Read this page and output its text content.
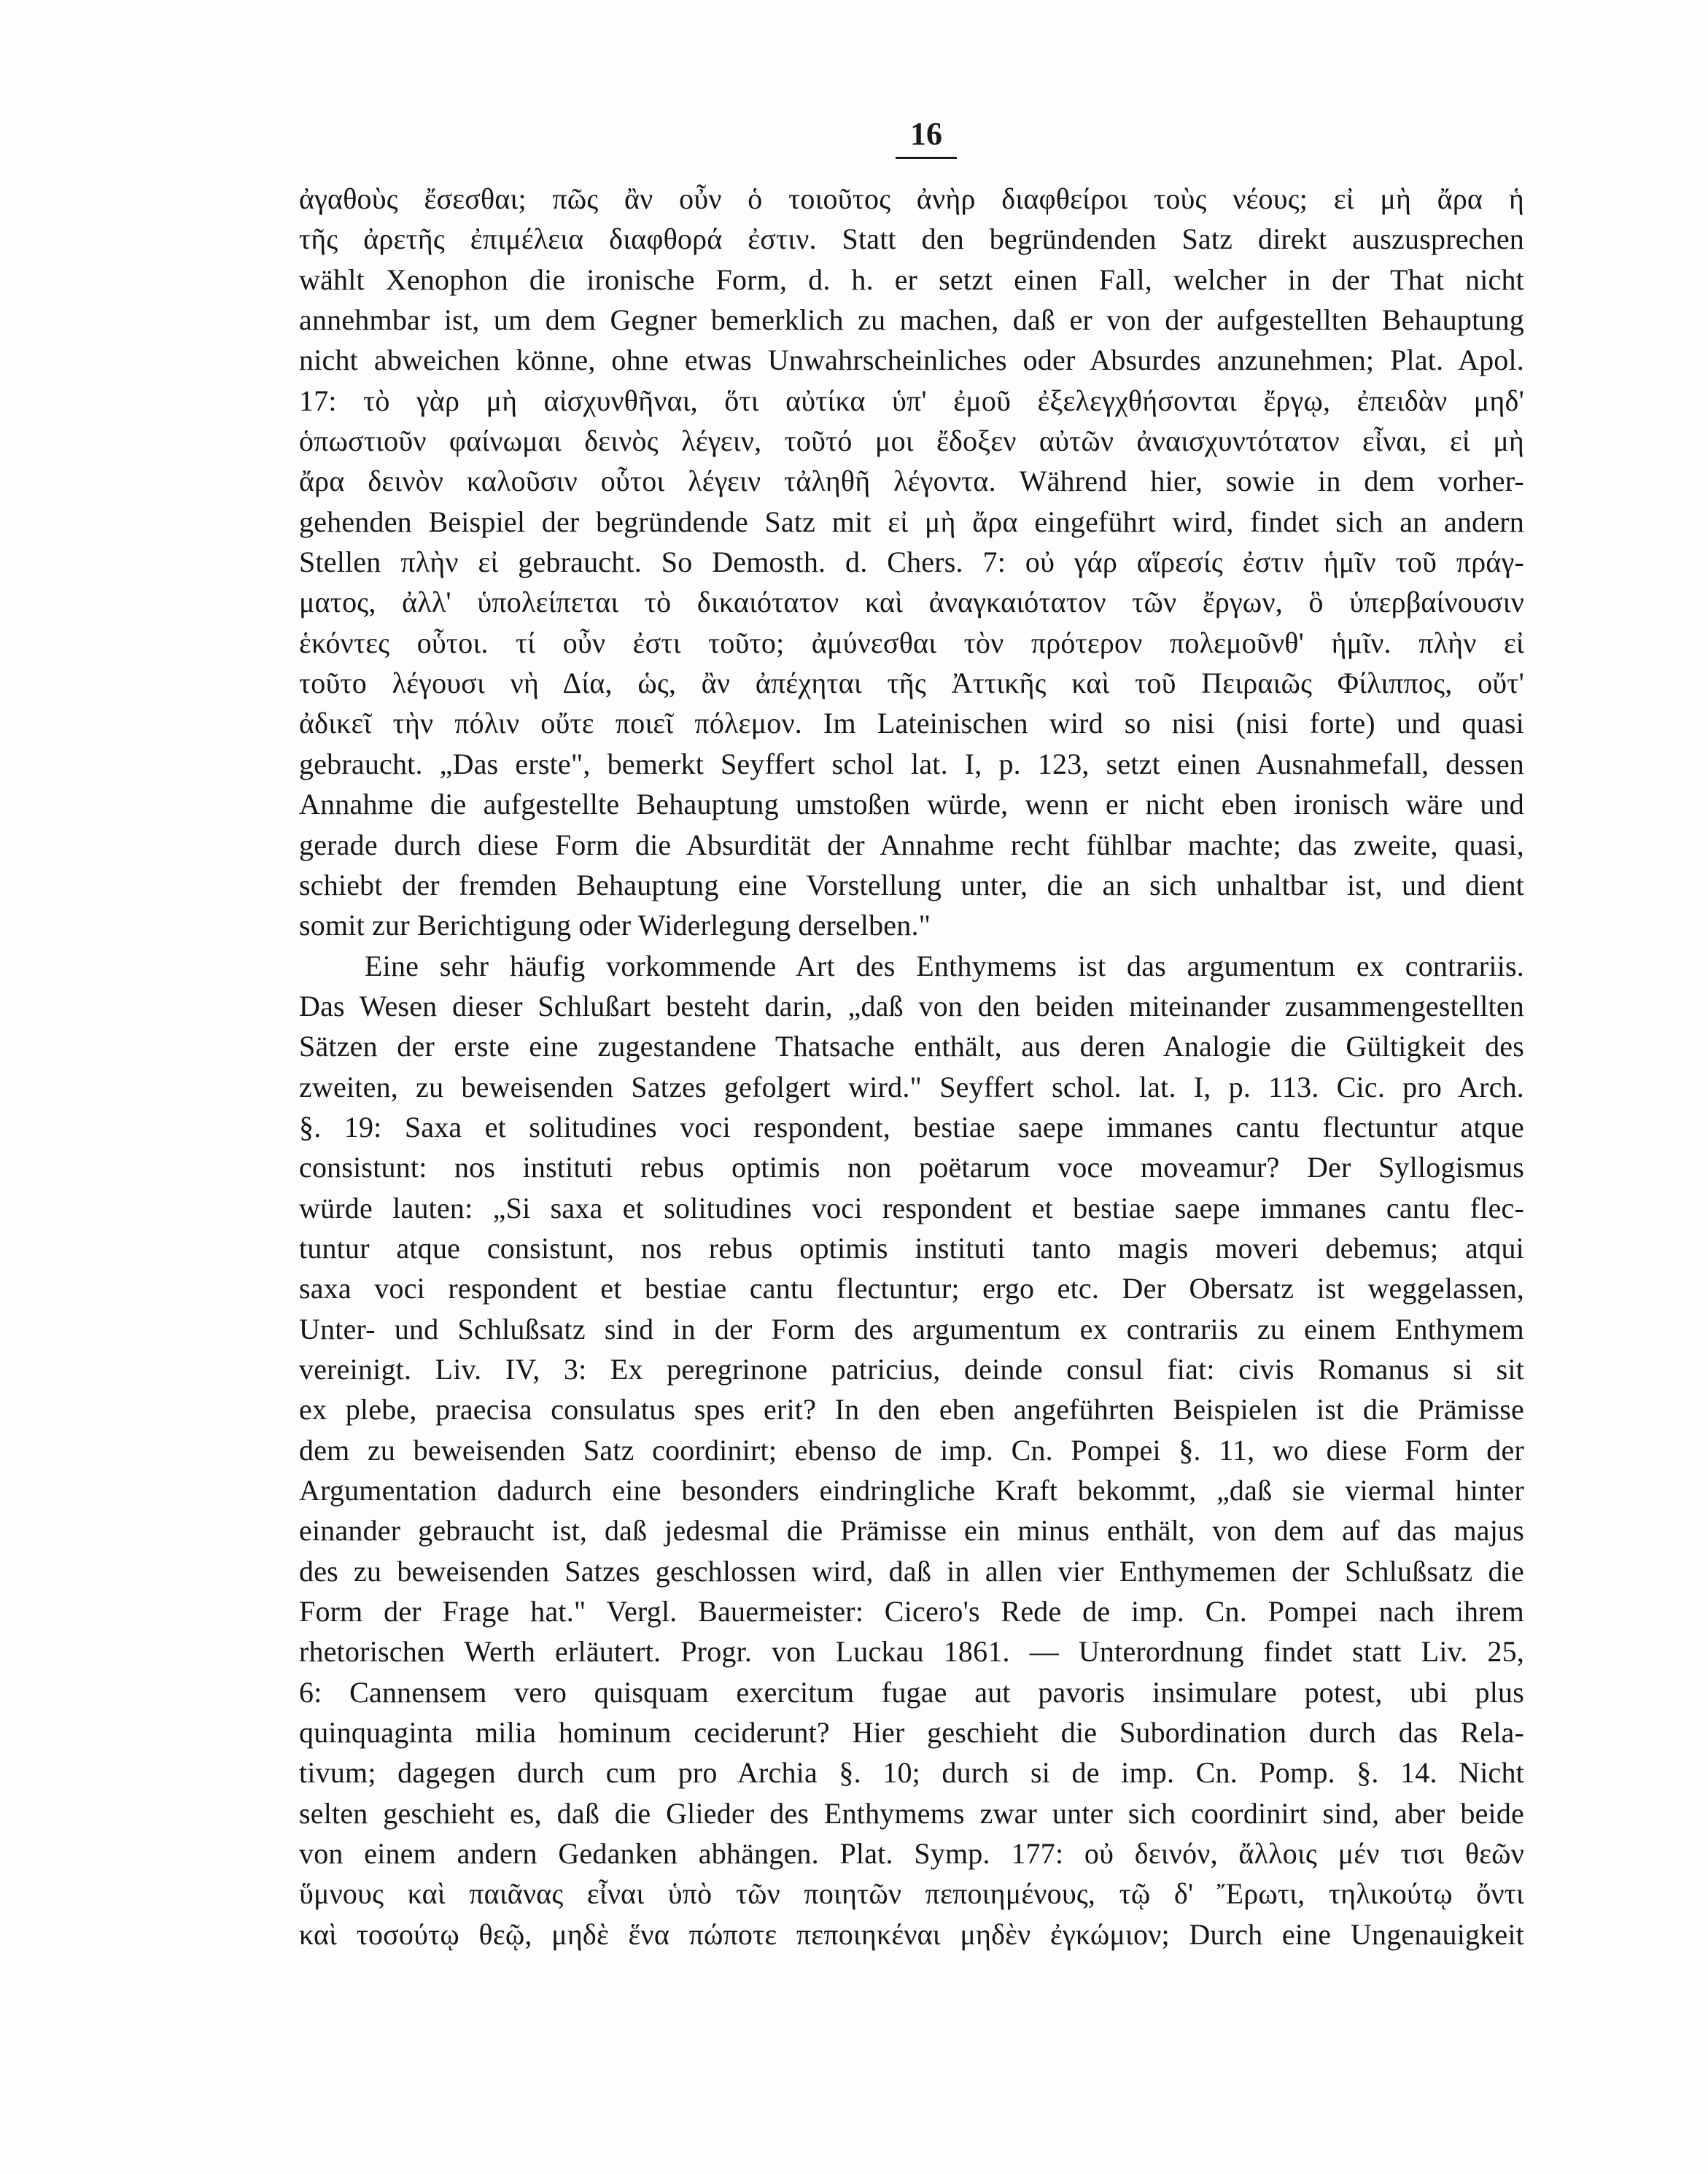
16
ἀγαθοὺς ἔσεσθαι; πῶς ἂν οὖν ὁ τοιοῦτος ἀνὴρ διαφθείροι τοὺς νέους; εἰ μὴ ἄρα ἡ
τῆς ἀρετῆς ἐπιμέλεια διαφθορά ἐστιν. Statt den begründenden Satz direkt auszusprechen
wählt Xenophon die ironische Form, d. h. er setzt einen Fall, welcher in der That nicht
annehmbar ist, um dem Gegner bemerklich zu machen, daß er von der aufgestellten Behauptung
nicht abweichen könne, ohne etwas Unwahrscheinliches oder Absurdes anzunehmen; Plat. Apol.
17: τὸ γὰρ μὴ αἰσχυνθῆναι, ὅτι αὐτίκα ὑπ' ἐμοῦ ἐξελεγχθήσονται ἔργῳ, ἐπειδὰν μηδ'
ὁπωστιοῦν φαίνωμαι δεινὸς λέγειν, τοῦτό μοι ἔδοξεν αὐτῶν ἀναισχυντότατον εἶναι, εἰ μὴ
ἄρα δεινὸν καλοῦσιν οὗτοι λέγειν τἀληθῆ λέγοντα. Während hier, sowie in dem vorher-
gehenden Beispiel der begründende Satz mit εἰ μὴ ἄρα eingeführt wird, findet sich an andern
Stellen πλὴν εἰ gebraucht. So Demosth. d. Chers. 7: οὐ γάρ αἵρεσίς ἐστιν ἡμῖν τοῦ πράγ-
ματος, ἀλλ' ὑπολείπεται τὸ δικαιότατον καὶ ἀναγκαιότατον τῶν ἔργων, ὃ ὑπερβαίνουσιν
ἑκόντες οὗτοι. τί οὖν ἐστι τοῦτο; ἀμύνεσθαι τὸν πρότερον πολεμοῦνθ' ἡμῖν. πλὴν εἰ
τοῦτο λέγουσι νὴ Δία, ὡς, ἂν ἀπέχηται τῆς Ἀττικῆς καὶ τοῦ Πειραιῶς Φίλιππος, οὔτ'
ἀδικεῖ τὴν πόλιν οὔτε ποιεῖ πόλεμον. Im Lateinischen wird so nisi (nisi forte) und quasi
gebraucht. „Das erste", bemerkt Seyffert schol lat. I, p. 123, setzt einen Ausnahmefall, dessen
Annahme die aufgestellte Behauptung umstoßen würde, wenn er nicht eben ironisch wäre und
gerade durch diese Form die Absurdität der Annahme recht fühlbar machte; das zweite, quasi,
schiebt der fremden Behauptung eine Vorstellung unter, die an sich unhaltbar ist, und dient
somit zur Berichtigung oder Widerlegung derselben."
Eine sehr häufig vorkommende Art des Enthymems ist das argumentum ex contrariis.
Das Wesen dieser Schlußart besteht darin, „daß von den beiden miteinander zusammengestellten
Sätzen der erste eine zugestandene Thatsache enthält, aus deren Analogie die Gültigkeit des
zweiten, zu beweisenden Satzes gefolgert wird." Seyffert schol. lat. I, p. 113. Cic. pro Arch.
§. 19: Saxa et solitudines voci respondent, bestiae saepe immanes cantu flectuntur atque
consistunt: nos instituti rebus optimis non poëtarum voce moveamur? Der Syllogismus
würde lauten: „Si saxa et solitudines voci respondent et bestiae saepe immanes cantu flec-
tuntur atque consistunt, nos rebus optimis instituti tanto magis moveri debemus; atqui
saxa voci respondent et bestiae cantu flectuntur; ergo etc. Der Obersatz ist weggelassen,
Unter- und Schlußsatz sind in der Form des argumentum ex contrariis zu einem Enthymem
vereinigt. Liv. IV, 3: Ex peregrinone patricius, deinde consul fiat: civis Romanus si sit
ex plebe, praecisa consulatus spes erit? In den eben angeführten Beispielen ist die Prämisse
dem zu beweisenden Satz coordinirt; ebenso de imp. Cn. Pompei §. 11, wo diese Form der
Argumentation dadurch eine besonders eindringliche Kraft bekommt, „daß sie viermal hinter
einander gebraucht ist, daß jedesmal die Prämisse ein minus enthält, von dem auf das majus
des zu beweisenden Satzes geschlossen wird, daß in allen vier Enthymemen der Schlußsatz die
Form der Frage hat." Vergl. Bauermeister: Cicero's Rede de imp. Cn. Pompei nach ihrem
rhetorischen Werth erläutert. Progr. von Luckau 1861. — Unterordnung findet statt Liv. 25,
6: Cannensem vero quisquam exercitum fugae aut pavoris insimulare potest, ubi plus
quinquaginta milia hominum ceciderunt? Hier geschieht die Subordination durch das Rela-
tivum; dagegen durch cum pro Archia §. 10; durch si de imp. Cn. Pomp. §. 14. Nicht
selten geschieht es, daß die Glieder des Enthymems zwar unter sich coordinirt sind, aber beide
von einem andern Gedanken abhängen. Plat. Symp. 177: οὐ δεινόν, ἄλλοις μέν τισι θεῶν
ὕμνους καὶ παιᾶνας εἶναι ὑπὸ τῶν ποιητῶν πεποιημένους, τῷ δ' Ἔρωτι, τηλικούτῳ ὄντι
καὶ τοσούτῳ θεῷ, μηδὲ ἕνα πώποτε πεποιηκέναι μηδὲν ἐγκώμιον; Durch eine Ungenauigkeit
